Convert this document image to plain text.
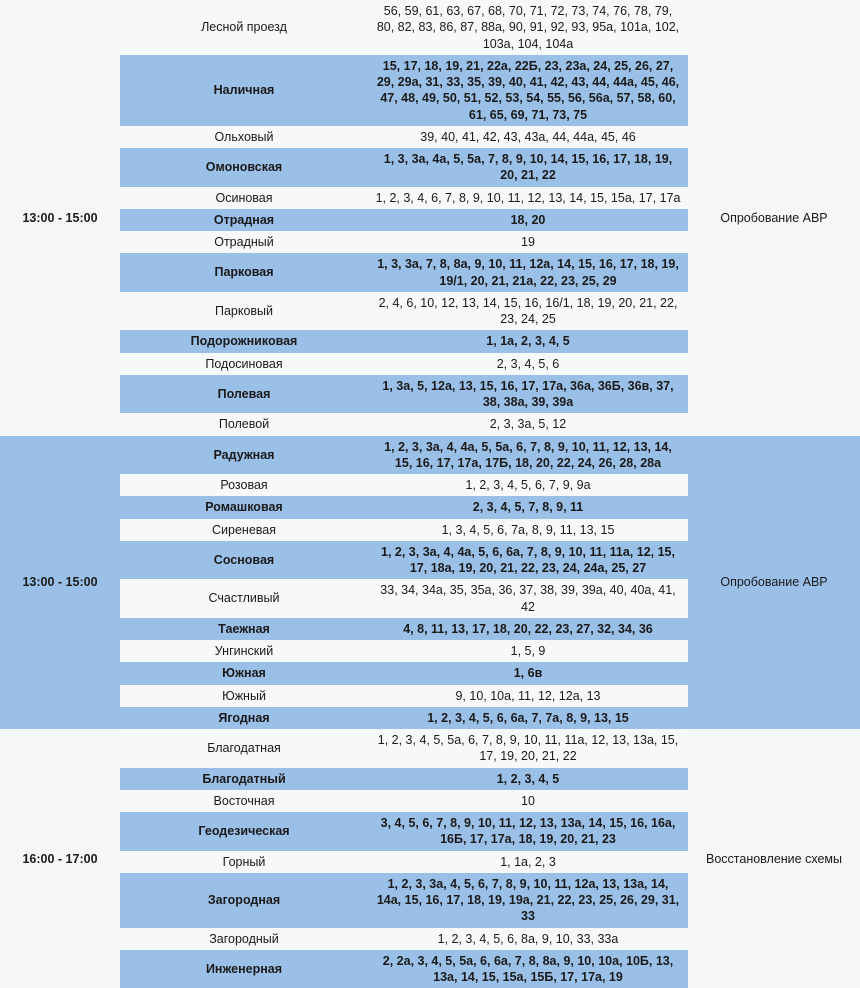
13:00 - 15:00	Лесной проезд	56, 59, 61, 63, 67, 68, 70, 71, 72, 73, 74, 76, 78, 79, 80, 82, 83, 86, 87, 88а, 90, 91, 92, 93, 95а, 101а, 102, 103а, 104, 104а	Опробование АВР
	Наличная	15, 17, 18, 19, 21, 22а, 22Б, 23, 23а, 24, 25, 26, 27, 29, 29а, 31, 33, 35, 39, 40, 41, 42, 43, 44, 44а, 45, 46, 47, 48, 49, 50, 51, 52, 53, 54, 55, 56, 56а, 57, 58, 60, 61, 65, 69, 71, 73, 75	
	Ольховый	39, 40, 41, 42, 43, 43а, 44, 44а, 45, 46	
	Омоновская	1, 3, 3а, 4а, 5, 5а, 7, 8, 9, 10, 14, 15, 16, 17, 18, 19, 20, 21, 22	
	Осиновая	1, 2, 3, 4, 6, 7, 8, 9, 10, 11, 12, 13, 14, 15, 15а, 17, 17а	
	Отрадная	18, 20	
	Отрадный	19	
	Парковая	1, 3, 3а, 7, 8, 8а, 9, 10, 11, 12а, 14, 15, 16, 17, 18, 19, 19/1, 20, 21, 21а, 22, 23, 25, 29	
	Парковый	2, 4, 6, 10, 12, 13, 14, 15, 16, 16/1, 18, 19, 20, 21, 22, 23, 24, 25	
	Подорожниковая	1, 1а, 2, 3, 4, 5	
	Подосиновая	2, 3, 4, 5, 6	
	Полевая	1, 3а, 5, 12а, 13, 15, 16, 17, 17а, 36а, 36Б, 36в, 37, 38, 38а, 39, 39а	
	Полевой	2, 3, 3а, 5, 12	
13:00 - 15:00	Радужная	1, 2, 3, 3а, 4, 4а, 5, 5а, 6, 7, 8, 9, 10, 11, 12, 13, 14, 15, 16, 17, 17а, 17Б, 18, 20, 22, 24, 26, 28, 28а	Опробование АВР
	Розовая	1, 2, 3, 4, 5, 6, 7, 9, 9а	
	Ромашковая	2, 3, 4, 5, 7, 8, 9, 11	
	Сиреневая	1, 3, 4, 5, 6, 7а, 8, 9, 11, 13, 15	
	Сосновая	1, 2, 3, 3а, 4, 4а, 5, 6, 6а, 7, 8, 9, 10, 11, 11а, 12, 15, 17, 18а, 19, 20, 21, 22, 23, 24, 24а, 25, 27	
	Счастливый	33, 34, 34а, 35, 35а, 36, 37, 38, 39, 39а, 40, 40а, 41, 42	
	Таежная	4, 8, 11, 13, 17, 18, 20, 22, 23, 27, 32, 34, 36	
	Унгинский	1, 5, 9	
	Южная	1, 6в	
	Южный	9, 10, 10а, 11, 12, 12а, 13	
	Ягодная	1, 2, 3, 4, 5, 6, 6а, 7, 7а, 8, 9, 13, 15	
16:00 - 17:00	Благодатная	1, 2, 3, 4, 5, 5а, 6, 7, 8, 9, 10, 11, 11а, 12, 13, 13а, 15, 17, 19, 20, 21, 22	Восстановление схемы
	Благодатный	1, 2, 3, 4, 5	
	Восточная	10	
	Геодезическая	3, 4, 5, 6, 7, 8, 9, 10, 11, 12, 13, 13а, 14, 15, 16, 16а, 16Б, 17, 17а, 18, 19, 20, 21, 23	
	Горный	1, 1а, 2, 3	
	Загородная	1, 2, 3, 3а, 4, 5, 6, 7, 8, 9, 10, 11, 12а, 13, 13а, 14, 14а, 15, 16, 17, 18, 19, 19а, 21, 22, 23, 25, 26, 29, 31, 33	
	Загородный	1, 2, 3, 4, 5, 6, 8а, 9, 10, 33, 33а	
	Инженерная	2, 2а, 3, 4, 5, 5а, 6, 6а, 7, 8, 8а, 9, 10, 10а, 10Б, 13, 13а, 14, 15, 15а, 15Б, 17, 17а, 19	
